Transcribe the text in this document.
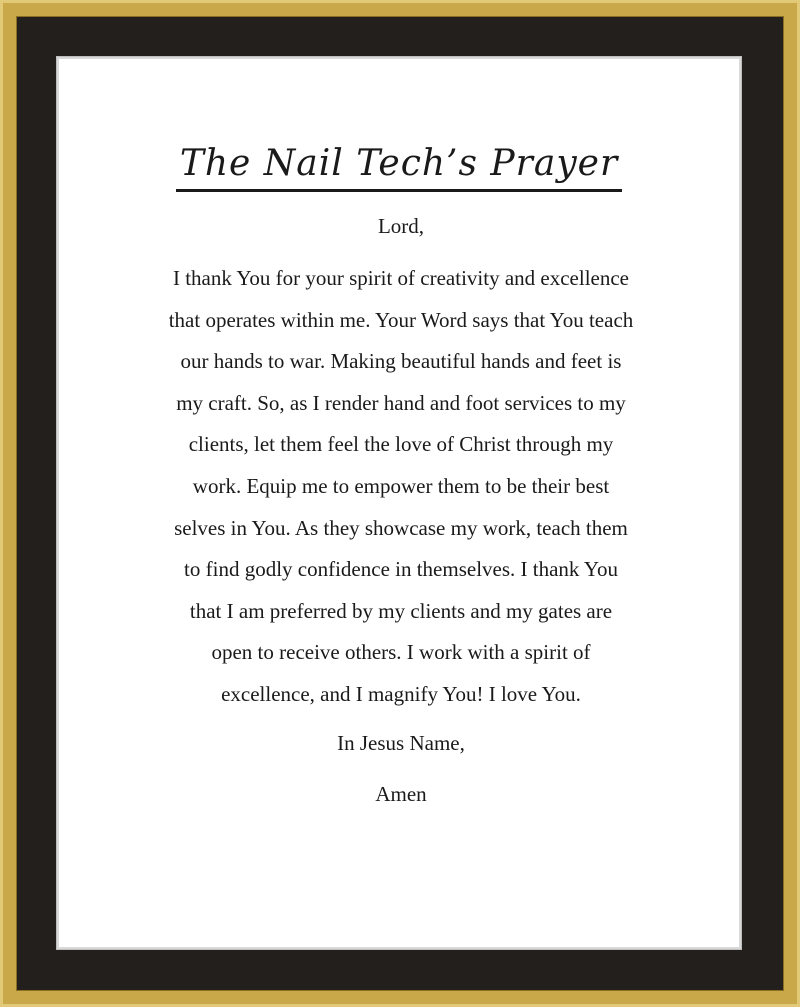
The Nail Tech’s Prayer
Lord,
I thank You for your spirit of creativity and excellence
that operates within me. Your Word says that You teach
our hands to war. Making beautiful hands and feet is
my craft. So, as I render hand and foot services to my
clients, let them feel the love of Christ through my
work. Equip me to empower them to be their best
selves in You. As they showcase my work, teach them
to find godly confidence in themselves. I thank You
that I am preferred by my clients and my gates are
open to receive others. I work with a spirit of
excellence, and I magnify You! I love You.
In Jesus Name,
Amen
